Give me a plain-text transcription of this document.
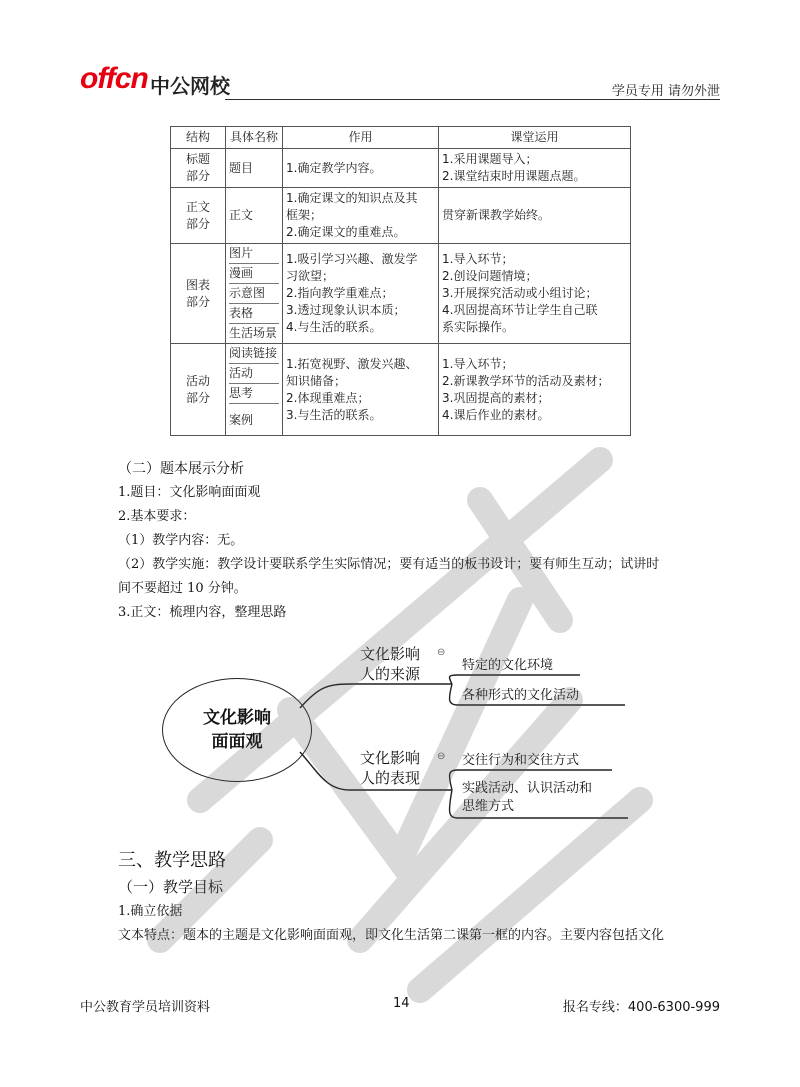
offcn 中公网校	学员专用 请勿外泄
结构	具体名称	作用	课堂运用

标题
部分	题目	1.确定教学内容。	1.采用课题导入；
2.课堂结束时用课题点题。

正文
部分	正文	1.确定课文的知识点及其
框架；
2.确定课文的重难点。	贯穿新课教学始终。

图表
部分	图片
漫画
示意图
表格
生活场景	1.吸引学习兴趣、激发学
习欲望；
2.指向教学重难点；
3.透过现象认识本质；
4.与生活的联系。	1.导入环节；
2.创设问题情境；
3.开展探究活动或小组讨论；
4.巩固提高环节让学生自己联
系实际操作。

活动
部分	阅读链接
活动
思考
案例	1.拓宽视野、激发兴趣、
知识储备；
2.体现重难点；
3.与生活的联系。	1.导入环节；
2.新课教学环节的活动及素材；
3.巩固提高的素材；
4.课后作业的素材。
（二）题本展示分析
1.题目：文化影响面面观
2.基本要求：
（1）教学内容：无。
（2）教学实施：教学设计要联系学生实际情况；要有适当的板书设计；要有师生互动；试讲时
间不要超过 10 分钟。
3.正文：梳理内容，整理思路
文化影响
面面观
文化影响
人的来源
⊖
特定的文化环境
各种形式的文化活动
文化影响
人的表现
⊖ 交往行为和交往方式
实践活动、认识活动和
思维方式
三、教学思路
（一）教学目标
1.确立依据
文本特点：题本的主题是文化影响面面观，即文化生活第二课第一框的内容。主要内容包括文化
中公教育学员培训资料	14	报名专线：400-6300-999
